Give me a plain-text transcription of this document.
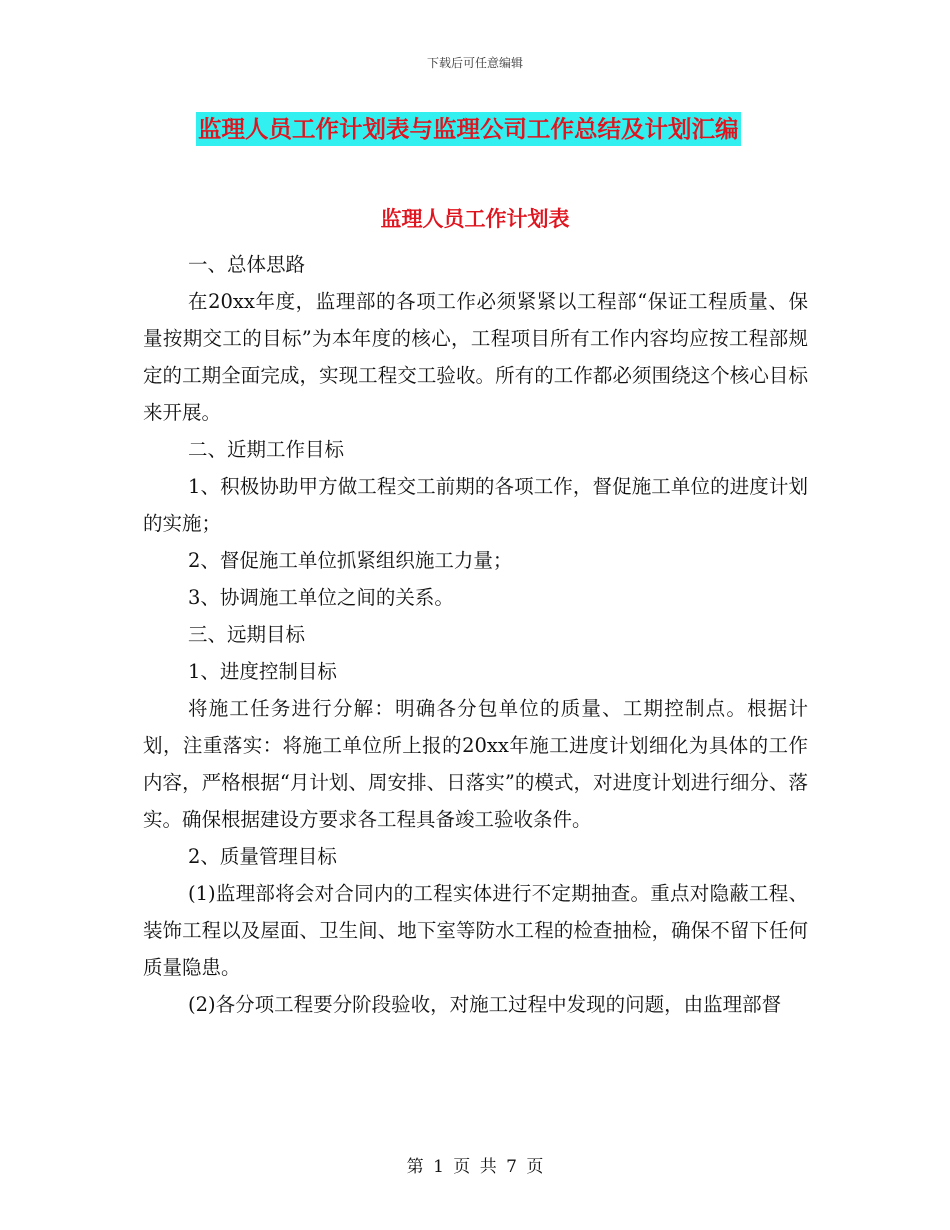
下载后可任意编辑
监理人员工作计划表与监理公司工作总结及计划汇编
监理人员工作计划表

一、总体思路

在20xx年度，监理部的各项工作必须紧紧以工程部“保证工程质量、保量按期交工的目标”为本年度的核心，工程项目所有工作内容均应按工程部规定的工期全面完成，实现工程交工验收。所有的工作都必须围绕这个核心目标来开展。

二、近期工作目标

1、积极协助甲方做工程交工前期的各项工作，督促施工单位的进度计划的实施；

2、督促施工单位抓紧组织施工力量；

3、协调施工单位之间的关系。

三、远期目标

1、进度控制目标

将施工任务进行分解：明确各分包单位的质量、工期控制点。根据计划，注重落实：将施工单位所上报的20xx年施工进度计划细化为具体的工作内容，严格根据“月计划、周安排、日落实”的模式，对进度计划进行细分、落实。确保根据建设方要求各工程具备竣工验收条件。

2、质量管理目标

(1)监理部将会对合同内的工程实体进行不定期抽查。重点对隐蔽工程、装饰工程以及屋面、卫生间、地下室等防水工程的检查抽检，确保不留下任何质量隐患。

(2)各分项工程要分阶段验收，对施工过程中发现的问题，由监理部督

第 1 页 共 7 页
